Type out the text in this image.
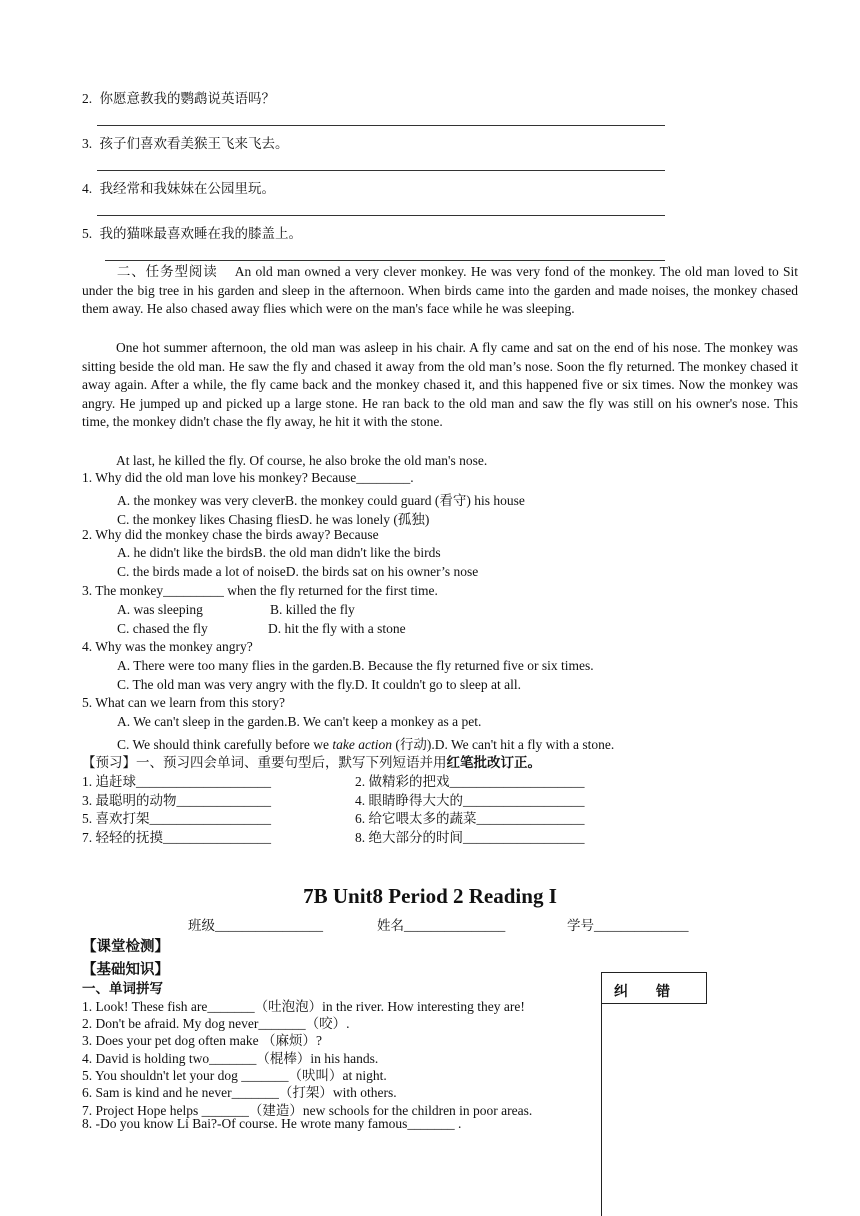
2. 你愿意教我的鹦鹉说英语吗？
3. 孩子们喜欢看美猴王飞来飞去。
4. 我经常和我妹妹在公园里玩。
5. 我的猫咪最喜欢睡在我的膝盖上。
二、任务型阅读 An old man owned a very clever monkey. He was very fond of the monkey. The old man loved to Sit under the big tree in his garden and sleep in the afternoon. When birds came into the garden and made noises, the monkey chased them away. He also chased away flies which were on the man's face while he was sleeping.
One hot summer afternoon, the old man was asleep in his chair. A fly came and sat on the end of his nose. The monkey was sitting beside the old man. He saw the fly and chased it away from the old man’s nose. Soon the fly returned. The monkey chased it away again. After a while, the fly came back and the monkey chased it, and this happened five or six times. Now the monkey was angry. He jumped up and picked up a large stone. He ran back to the old man and saw the fly was still on his owner's nose. This time, the monkey didn't chase the fly away, he hit it with the stone.
At last, he killed the fly. Of course, he also broke the old man's nose.
1. Why did the old man love his monkey? Because________.
A. the monkey was very cleverB. the monkey could guard (看守) his house
C. the monkey likes Chasing fliesD. he was lonely (孤独)
2. Why did the monkey chase the birds away? Because
A. he didn't like the birdsB. the old man didn't like the birds
C. the birds made a lot of noiseD. the birds sat on his owner’s nose
3. The monkey_________ when the fly returned for the first time.
A. was sleeping	B. killed the fly
C. chased the fly	D. hit the fly with a stone
4. Why was the monkey angry?
A. There were too many flies in the garden.B. Because the fly returned five or six times.
C. The old man was very angry with the fly.D. It couldn't go to sleep at all.
5. What can we learn from this story?
A. We can't sleep in the garden.B. We can't keep a monkey as a pet.
C. We should think carefully before we take action (行动).D. We can't hit a fly with a stone.
【预习】一、预习四会单词、重要句型后，默写下列短语并用红笔批改订正。
1. 追赶球____________________	2. 做精彩的把戏____________________
3. 最聪明的动物______________	4. 眼睛睁得大大的__________________
5. 喜欢打架__________________	6. 给它喂太多的蔬菜________________
7. 轻轻的抚摸________________	8. 绝大部分的时间__________________
7B Unit8 Period 2 Reading I
班级________________	姓名_______________	学号______________
【课堂检测】
【基础知识】
一、单词拼写	纠　　错
1. Look! These fish are_______（吐泡泡）in the river. How interesting they are!
2. Don't be afraid. My dog never_______（咬）.
3. Does your pet dog often make （麻烦）?
4. David is holding two_______（棍棒）in his hands.
5. You shouldn't let your dog _______（吠叫）at night.
6. Sam is kind and he never_______（打架）with others.
7. Project Hope helps _______（建造）new schools for the children in poor areas.
8. -Do you know Li Bai?-Of course. He wrote many famous_______ .
